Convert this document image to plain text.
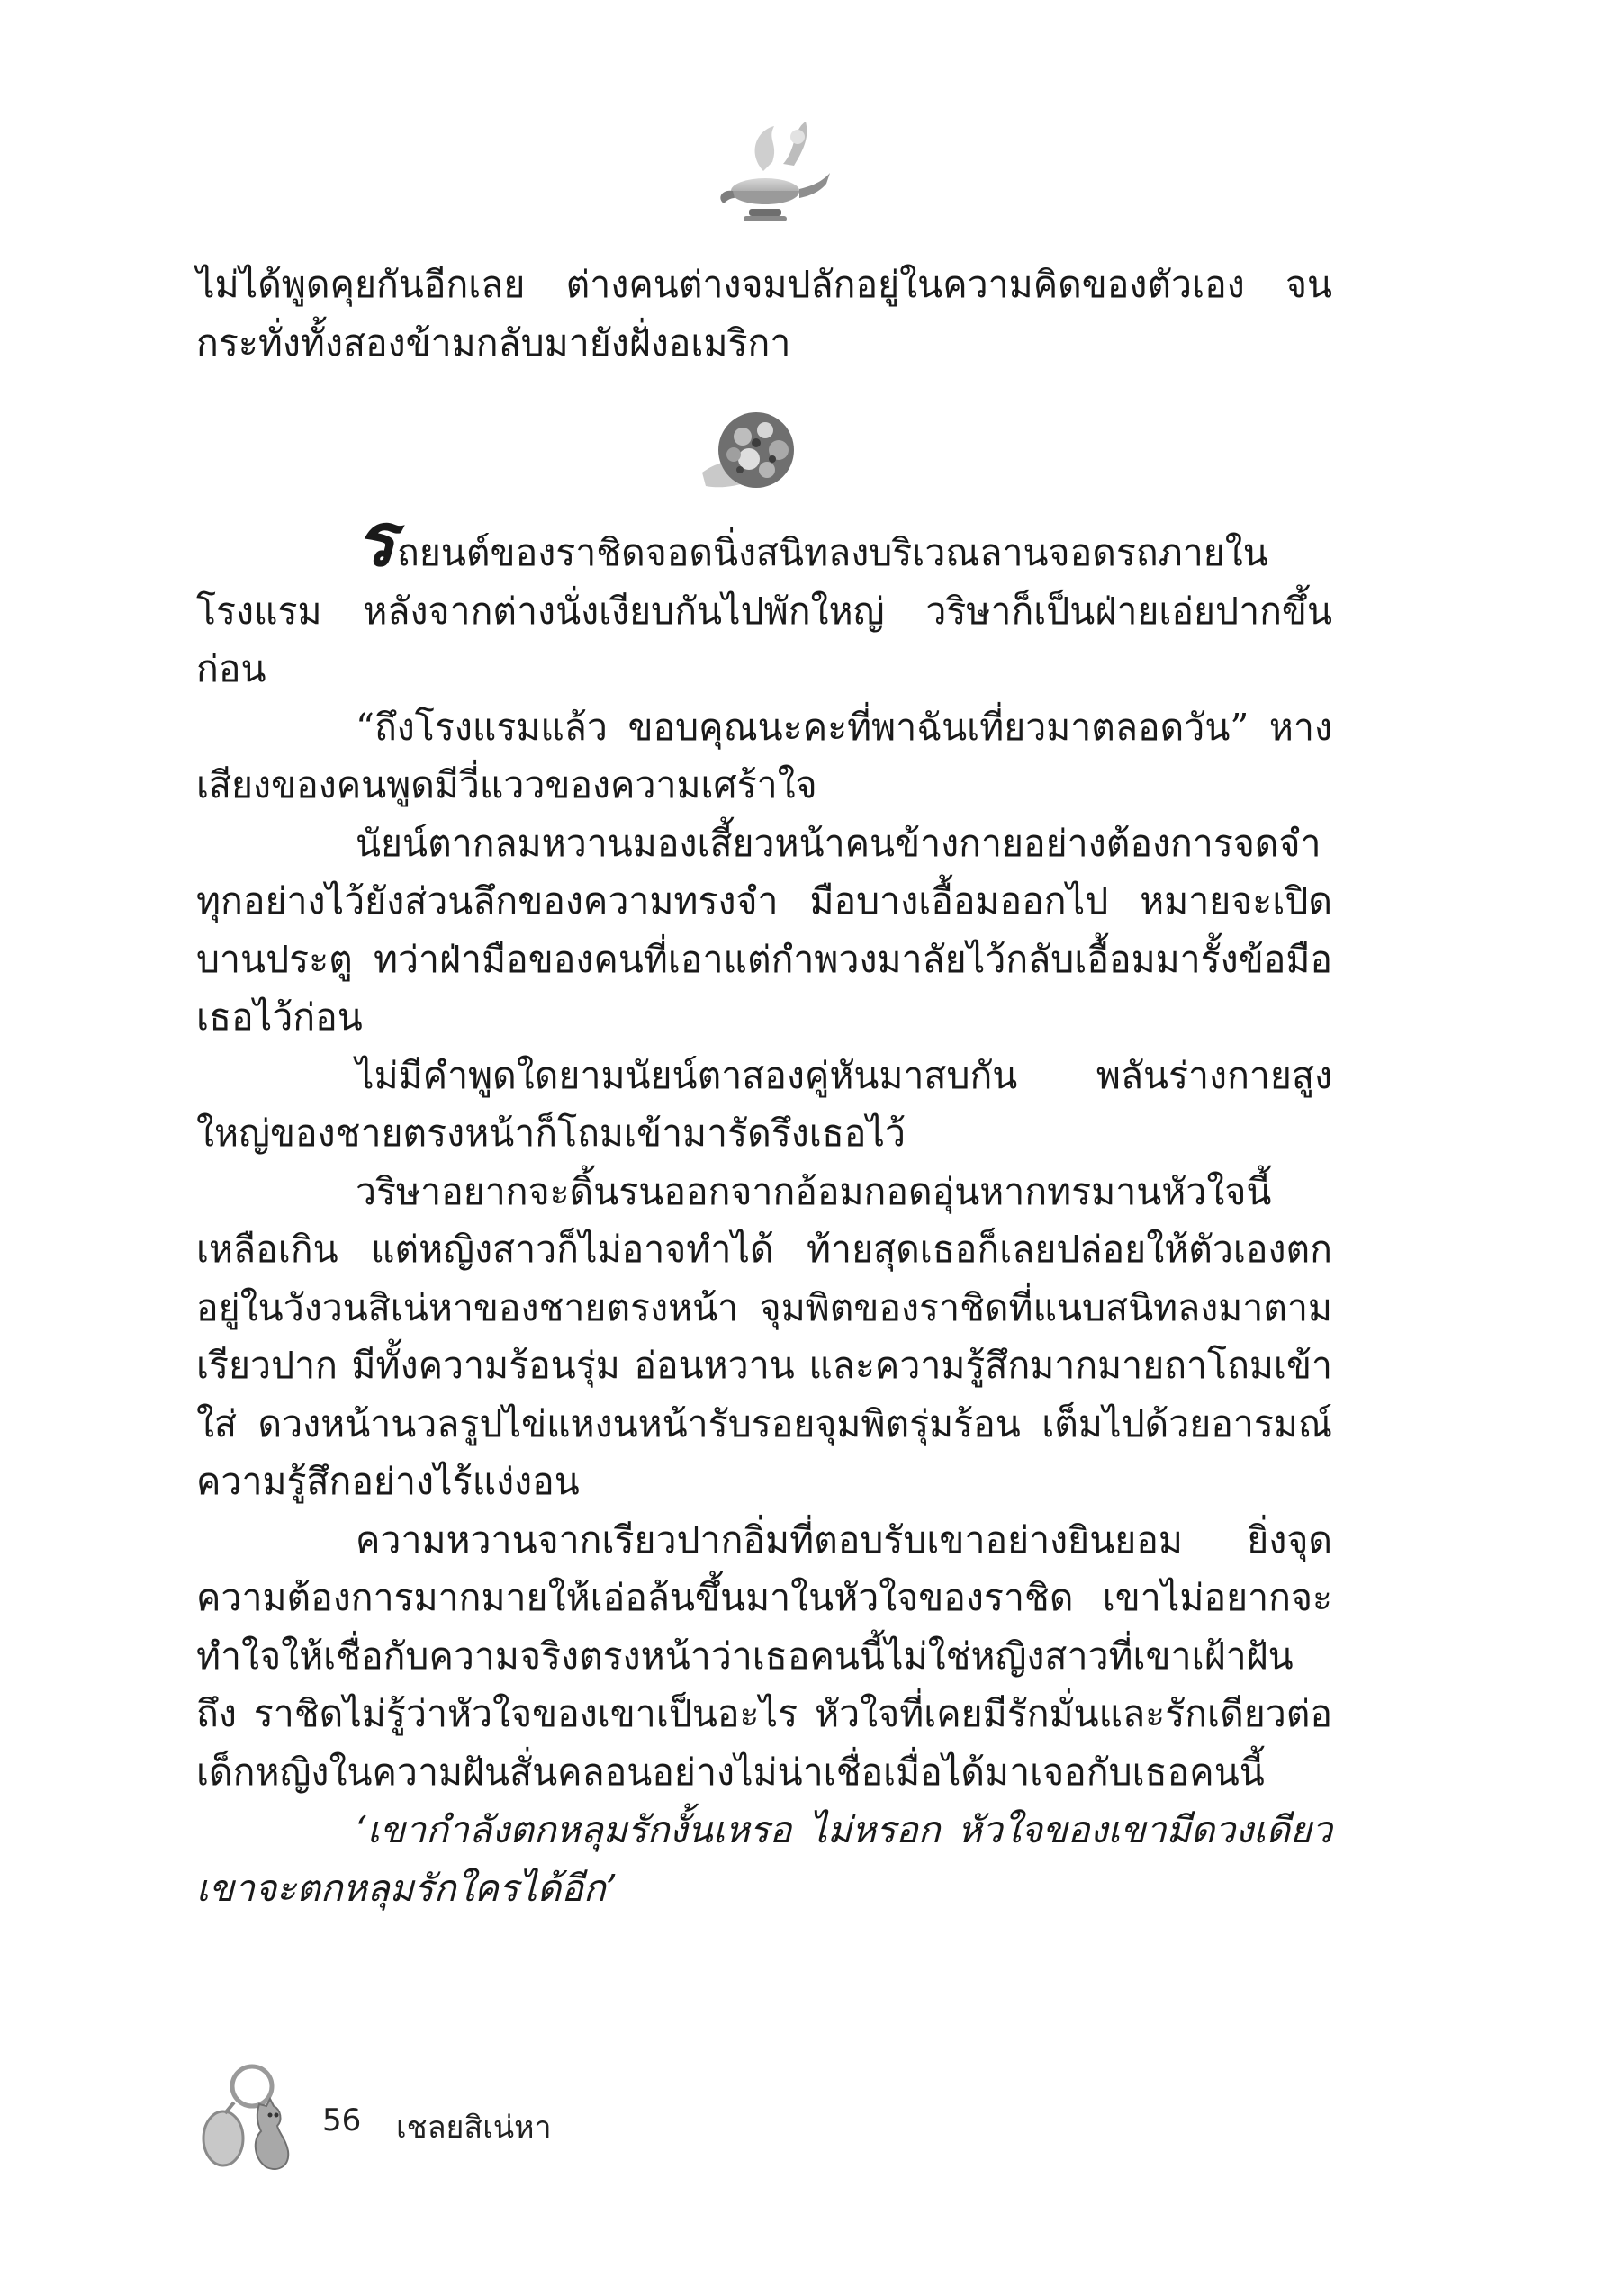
ไม่ได้พูดคุยกันอีกเลย ต่างคนต่างจมปลักอยู่ในความคิดของตัวเอง จนกระทั่งทั้งสองข้ามกลับมายังฝั่งอเมริกา

รถยนต์ของราชิดจอดนิ่งสนิทลงบริเวณลานจอดรถภายในโรงแรม หลังจากต่างนั่งเงียบกันไปพักใหญ่ วริษาก็เป็นฝ่ายเอ่ยปากขึ้นก่อน

“ถึงโรงแรมแล้ว ขอบคุณนะคะที่พาฉันเที่ยวมาตลอดวัน” หางเสียงของคนพูดมีวี่แววของความเศร้าใจ

นัยน์ตากลมหวานมองเสี้ยวหน้าคนข้างกายอย่างต้องการจดจำทุกอย่างไว้ยังส่วนลึกของความทรงจำ มือบางเอื้อมออกไป หมายจะเปิดบานประตู ทว่าฝ่ามือของคนที่เอาแต่กำพวงมาลัยไว้กลับเอื้อมมารั้งข้อมือเธอไว้ก่อน

ไม่มีคำพูดใดยามนัยน์ตาสองคู่หันมาสบกัน พลันร่างกายสูงใหญ่ของชายตรงหน้าก็โถมเข้ามารัดรึงเธอไว้

วริษาอยากจะดิ้นรนออกจากอ้อมกอดอุ่นหากทรมานหัวใจนี้เหลือเกิน แต่หญิงสาวก็ไม่อาจทำได้ ท้ายสุดเธอก็เลยปล่อยให้ตัวเองตกอยู่ในวังวนสิเน่หาของชายตรงหน้า จุมพิตของราชิดที่แนบสนิทลงมาตามเรียวปาก มีทั้งความร้อนรุ่ม อ่อนหวาน และความรู้สึกมากมายถาโถมเข้าใส่ ดวงหน้านวลรูปไข่แหงนหน้ารับรอยจุมพิตรุ่มร้อน เต็มไปด้วยอารมณ์ความรู้สึกอย่างไร้แง่งอน

ความหวานจากเรียวปากอิ่มที่ตอบรับเขาอย่างยินยอม ยิ่งจุดความต้องการมากมายให้เอ่อล้นขึ้นมาในหัวใจของราชิด เขาไม่อยากจะทำใจให้เชื่อกับความจริงตรงหน้าว่าเธอคนนี้ไม่ใช่หญิงสาวที่เขาเฝ้าฝันถึง ราชิดไม่รู้ว่าหัวใจของเขาเป็นอะไร หัวใจที่เคยมีรักมั่นและรักเดียวต่อเด็กหญิงในความฝันสั่นคลอนอย่างไม่น่าเชื่อเมื่อได้มาเจอกับเธอคนนี้

‘เขากำลังตกหลุมรักงั้นเหรอ ไม่หรอก หัวใจของเขามีดวงเดียว เขาจะตกหลุมรักใครได้อีก’

56 เชลยสิเน่หา
